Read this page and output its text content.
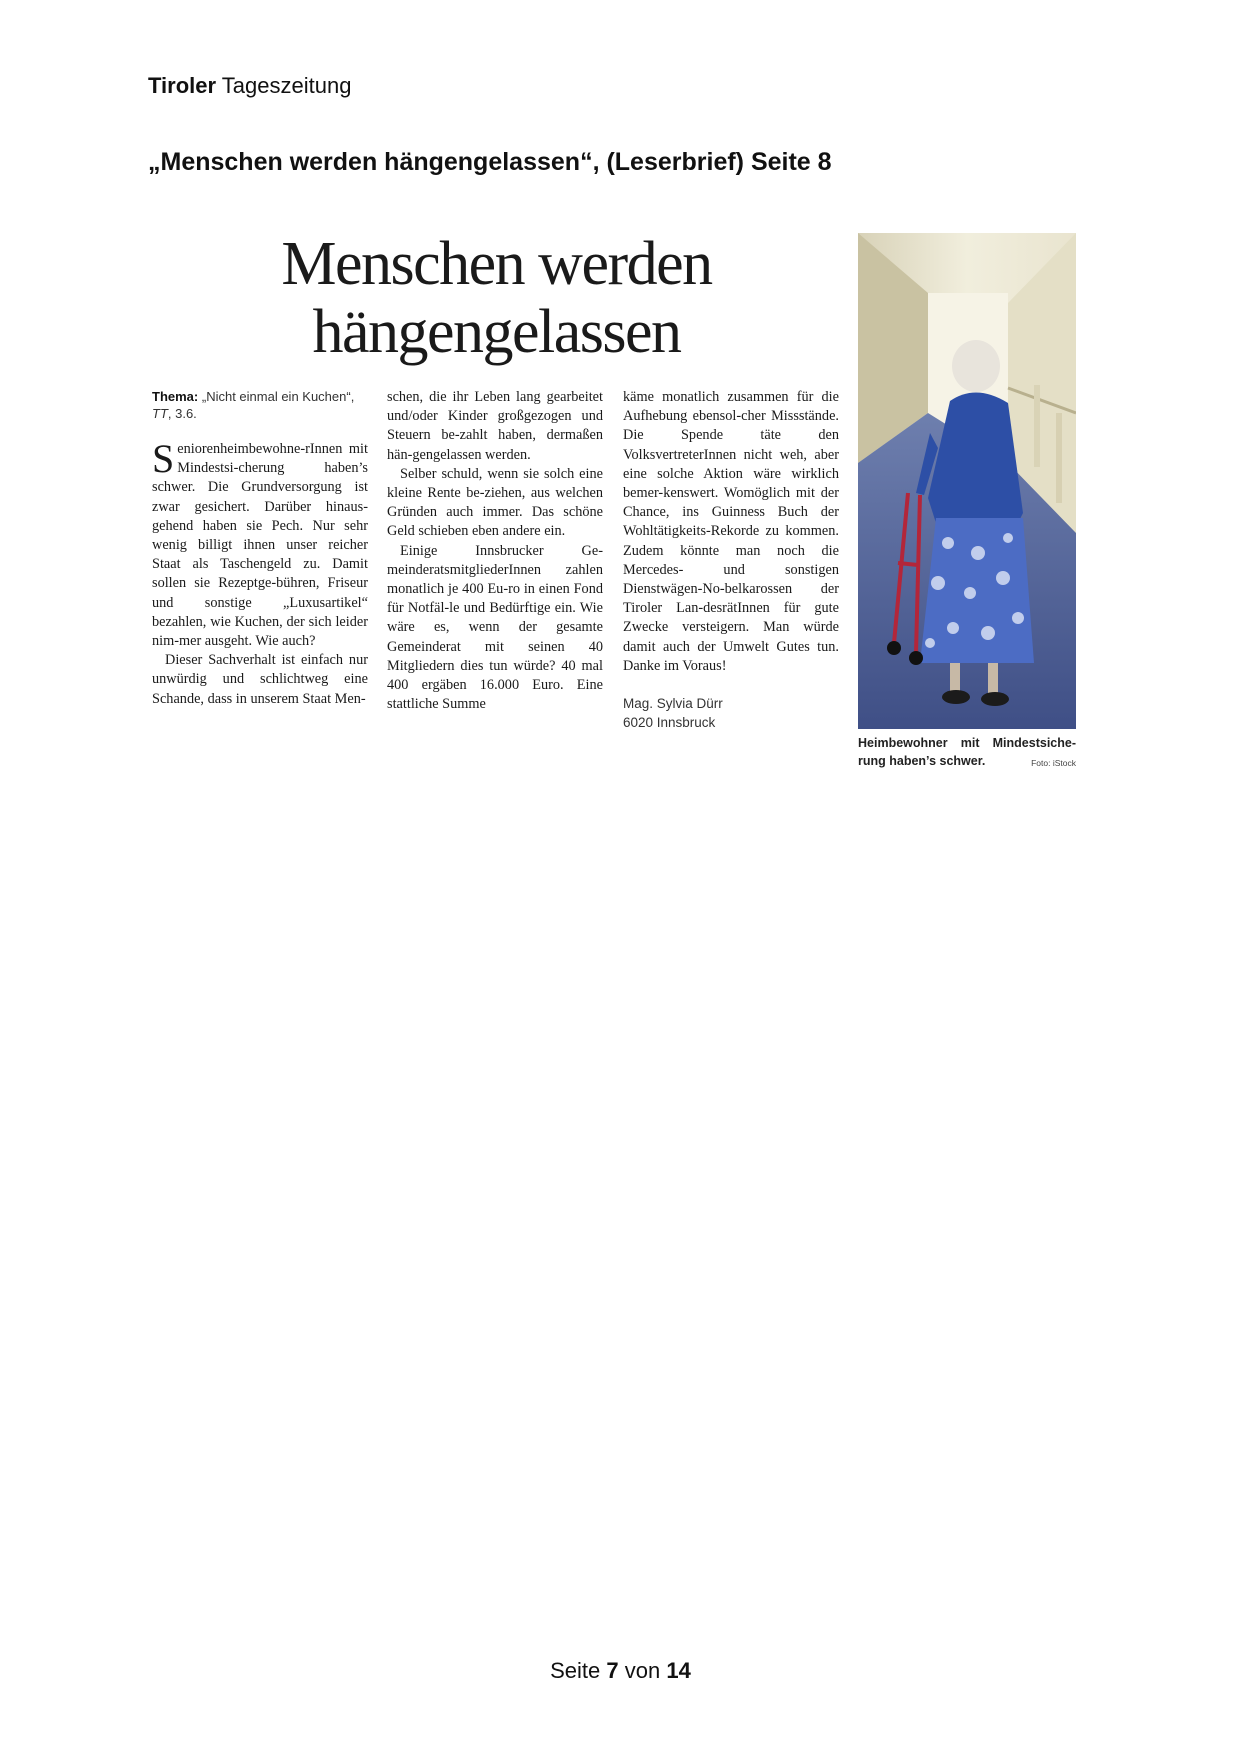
Tiroler Tageszeitung
„Menschen werden hängengelassen“, (Leserbrief) Seite 8
Menschen werden
hängengelassen

Thema: „Nicht einmal ein Kuchen“, TT, 3.6.

Seniorenheimbewohne-rInnen mit Mindestsi-cherung haben’s schwer. Die Grundversorgung ist zwar gesichert. Darüber hinaus-gehend haben sie Pech. Nur sehr wenig billigt ihnen unser reicher Staat als Taschengeld zu. Damit sollen sie Rezeptge-bühren, Friseur und sonstige „Luxusartikel“ bezahlen, wie Kuchen, der sich leider nim-mer ausgeht. Wie auch?

Dieser Sachverhalt ist einfach nur unwürdig und schlichtweg eine Schande, dass in unserem Staat Men-

schen, die ihr Leben lang gearbeitet und/oder Kinder großgezogen und Steuern be-zahlt haben, dermaßen hän-gengelassen werden.

Selber schuld, wenn sie solch eine kleine Rente be-ziehen, aus welchen Gründen auch immer. Das schöne Geld schieben eben andere ein.

Einige Innsbrucker Ge-meinderatsmitgliederInnen zahlen monatlich je 400 Eu-ro in einen Fond für Notfäl-le und Bedürftige ein. Wie wäre es, wenn der gesamte Gemeinderat mit seinen 40 Mitgliedern dies tun würde? 40 mal 400 ergäben 16.000 Euro. Eine stattliche Summe

käme monatlich zusammen für die Aufhebung ebensol-cher Missstände. Die Spende täte den VolksvertreterInnen nicht weh, aber eine solche Aktion wäre wirklich bemer-kenswert. Womöglich mit der Chance, ins Guinness Buch der Wohltätigkeits-Rekorde zu kommen. Zudem könnte man noch die Mercedes- und sonstigen Dienstwägen-No-belkarossen der Tiroler Lan-desrätInnen für gute Zwecke versteigern. Man würde damit auch der Umwelt Gutes tun. Danke im Voraus!

Mag. Sylvia Dürr
6020 Innsbruck

Heimbewohner mit Mindestsiche-rung haben’s schwer.	Foto: iStock
Seite 7 von 14
